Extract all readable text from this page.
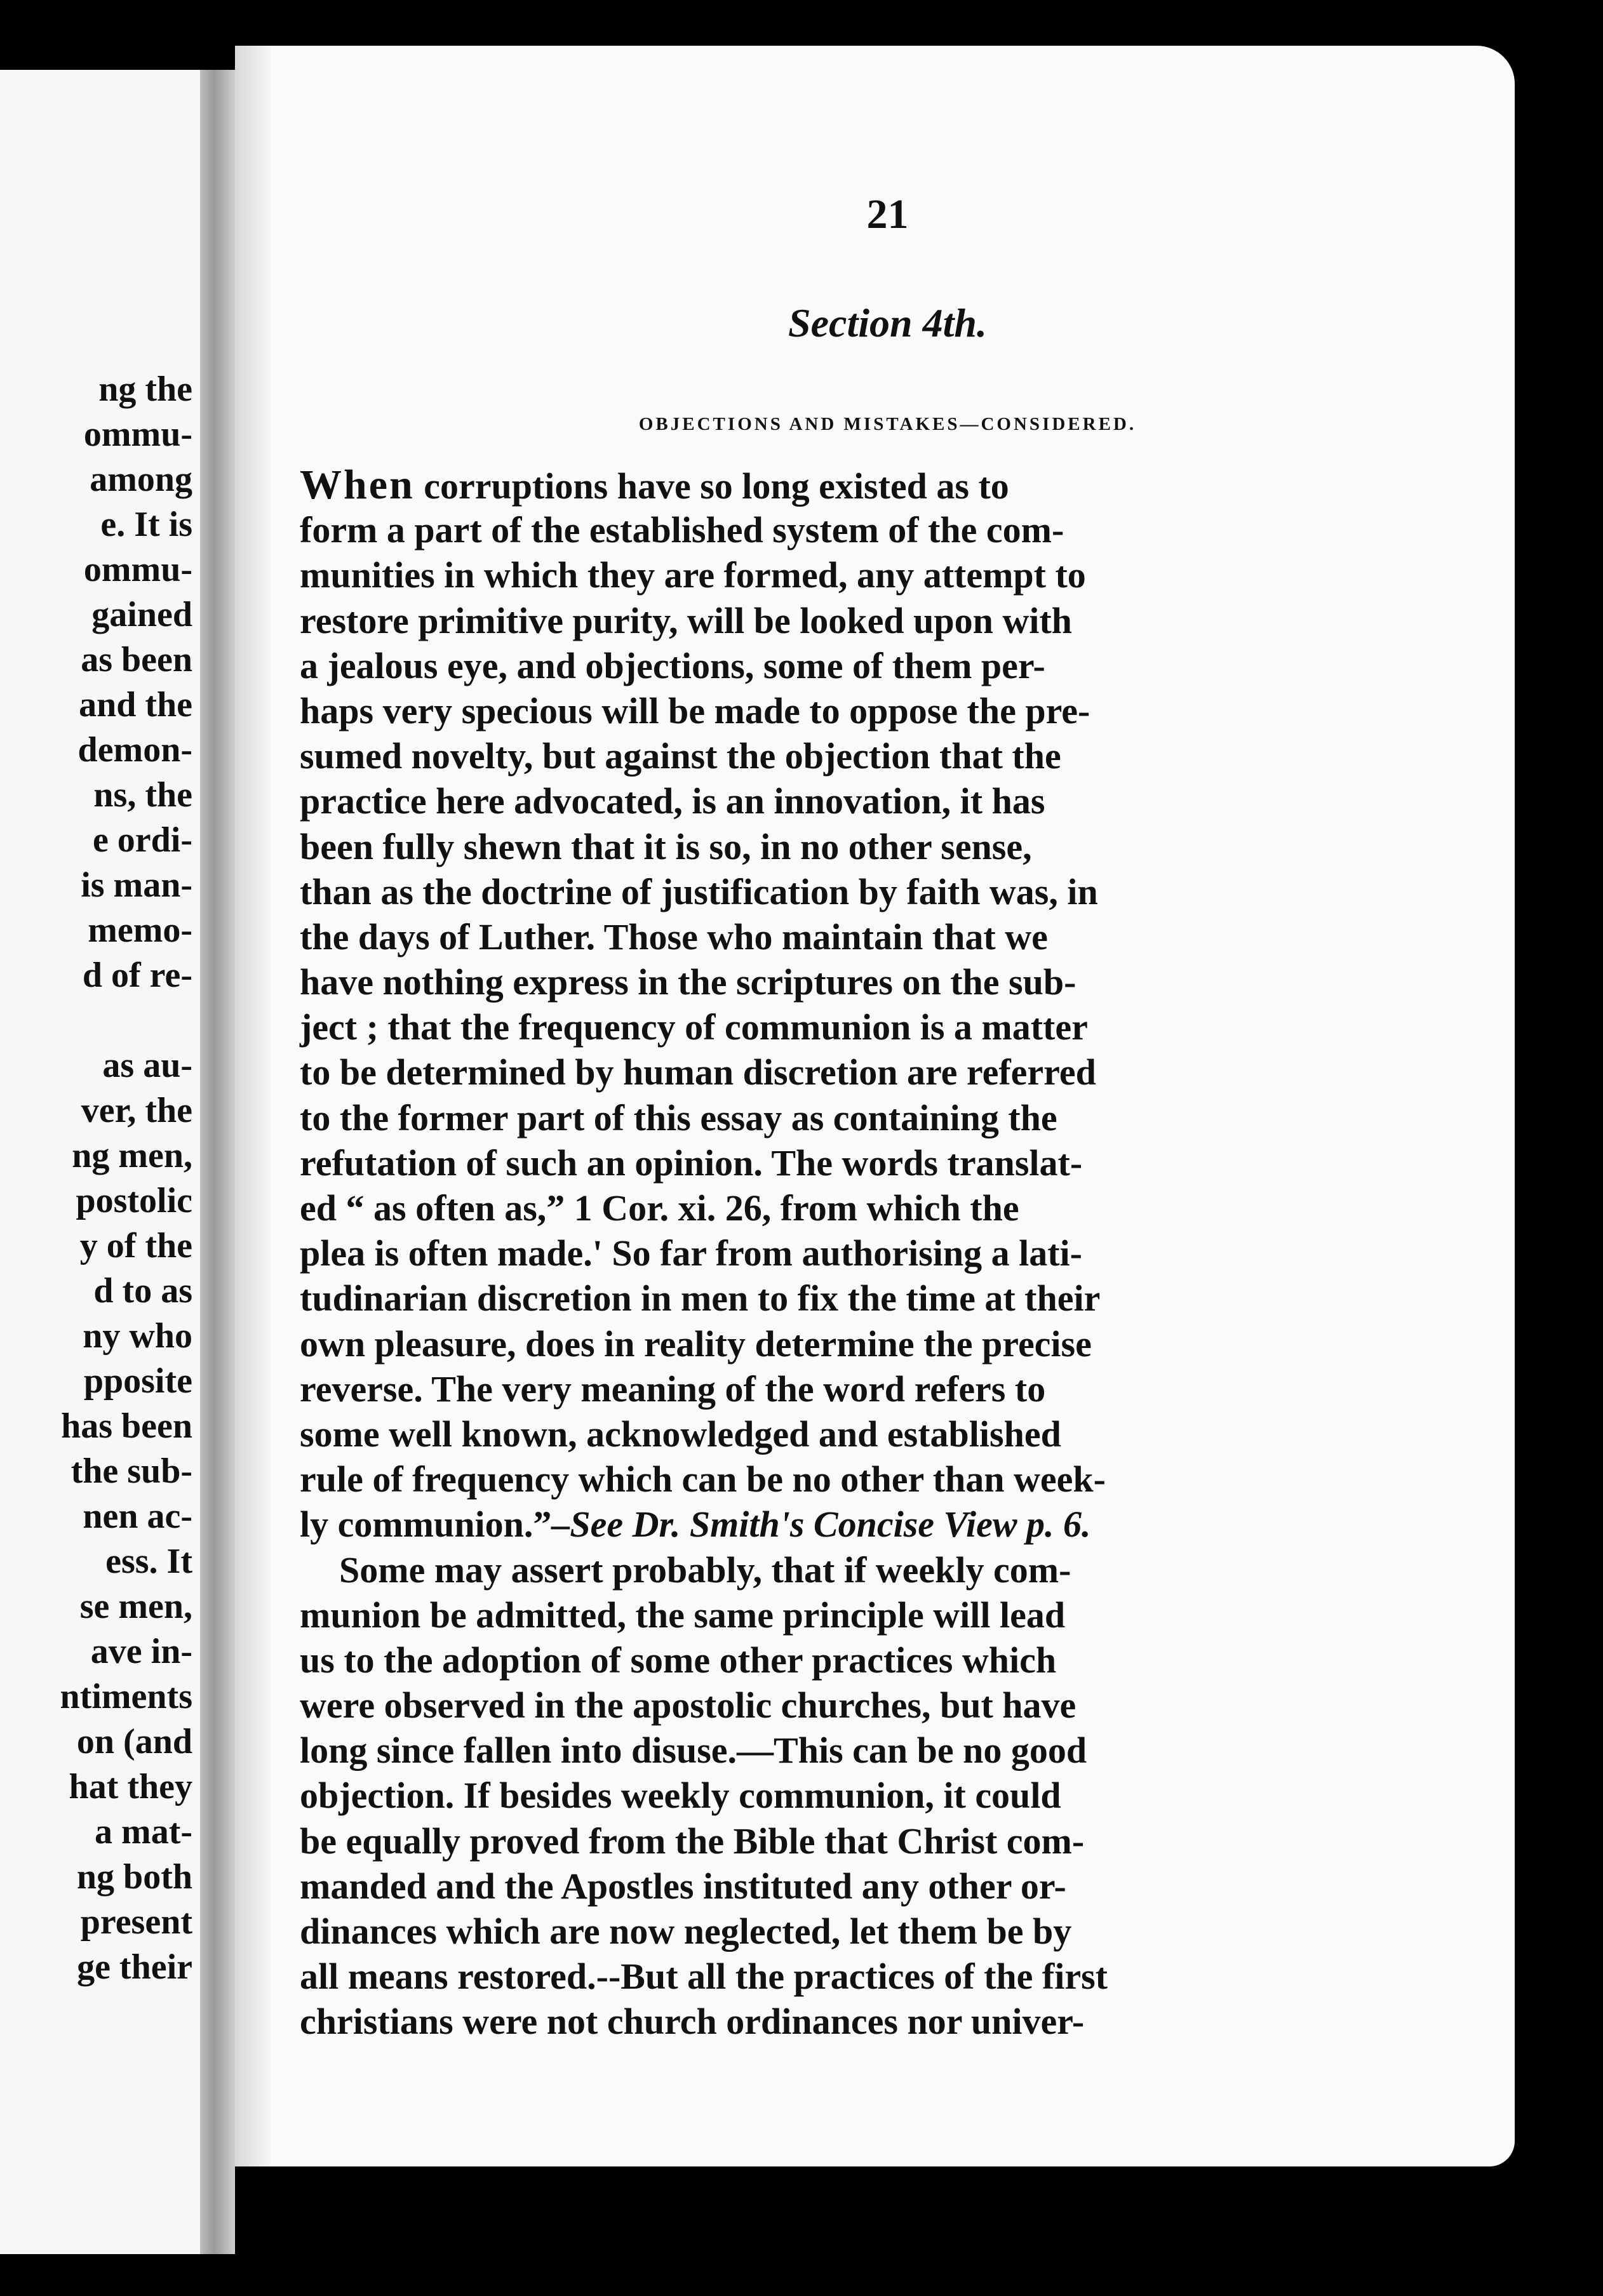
ng the
ommu-
among
e. It is
ommu-
gained
as been
and the
demon-
ns, the
e ordi-
is man-
memo-
d of re-
as au-
ver, the
ng men,
postolic
y of the
d to as
ny who
pposite
has been
the sub-
nen ac-
ess. It
se men,
ave in-
ntiments
on (and
hat they
a mat-
ng both
present
ge their
21
Section 4th.
OBJECTIONS AND MISTAKES—CONSIDERED.
When corruptions have so long existed as to
form a part of the established system of the com-
munities in which they are formed, any attempt to
restore primitive purity, will be looked upon with
a jealous eye, and objections, some of them per-
haps very specious will be made to oppose the pre-
sumed novelty, but against the objection that the
practice here advocated, is an innovation, it has
been fully shewn that it is so, in no other sense,
than as the doctrine of justification by faith was, in
the days of Luther. Those who maintain that we
have nothing express in the scriptures on the sub-
ject ; that the frequency of communion is a matter
to be determined by human discretion are referred
to the former part of this essay as containing the
refutation of such an opinion. The words translat-
ed “ as often as,” 1 Cor. xi. 26, from which the
plea is often made.' So far from authorising a lati-
tudinarian discretion in men to fix the time at their
own pleasure, does in reality determine the precise
reverse. The very meaning of the word refers to
some well known, acknowledged and established
rule of frequency which can be no other than week-
ly communion.”–See Dr. Smith's Concise View p. 6.
Some may assert probably, that if weekly com-
munion be admitted, the same principle will lead
us to the adoption of some other practices which
were observed in the apostolic churches, but have
long since fallen into disuse.—This can be no good
objection. If besides weekly communion, it could
be equally proved from the Bible that Christ com-
manded and the Apostles instituted any other or-
dinances which are now neglected, let them be by
all means restored.--But all the practices of the first
christians were not church ordinances nor univer-
